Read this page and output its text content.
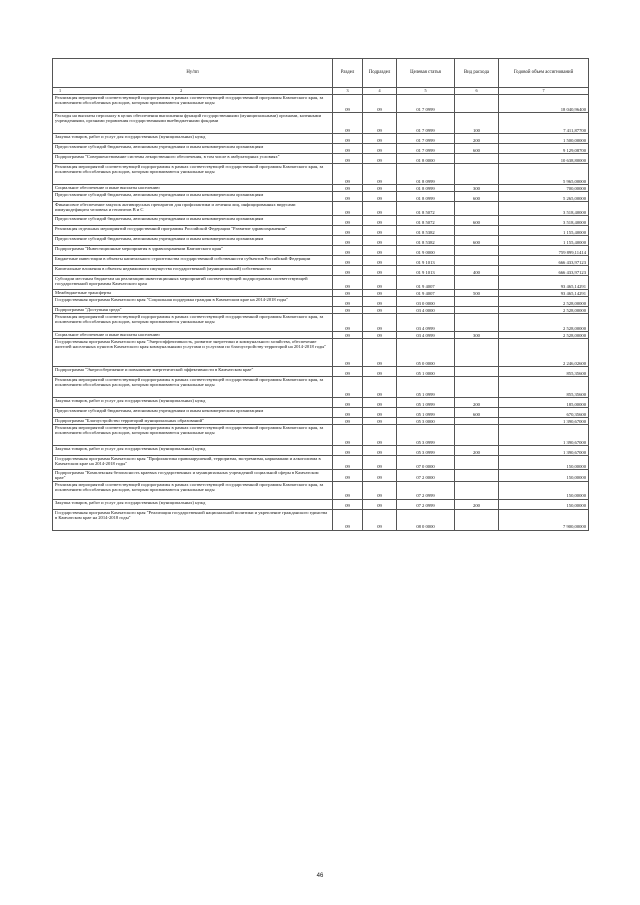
Ну/пп	Раздел	Подраздел	Целевая статья	Вид расхода	Годовой объем ассигнований
1 2	3	4	5	6	7
Реализация мероприятий соответствующей подпрограммы в рамках соответствующей государственной программы Камчатского края, за исключением обособленных расходов, которым присваиваются уникальные коды	09	09	01 7 0999		18 040,96400
Расходы на выплаты персоналу в целях обеспечения выполнения функций государственными (муниципальными) органами, казенными учреждениями, органами управления государственными внебюджетными фондами	09	09	01 7 0999	100	7 411,87700
Закупка товаров, работ и услуг для государственных (муниципальных) нужд	09	09	01 7 0999	200	1 500,00000
Предоставление субсидий бюджетным, автономным учреждениям и иным некоммерческим организациям	09	09	01 7 0999	600	9 129,08700
Подпрограмма "Совершенствование системы лекарственного обеспечения, в том числе в амбулаторных условиях"	09	09	01 8 0000		10 638,80000
Реализация мероприятий соответствующей подпрограммы в рамках соответствующей государственной программы Камчатского края, за исключением обособленных расходов, которым присваиваются уникальные коды	09	09	01 8 0999		5 965,00000
Социальное обеспечение и иные выплаты населению	09	09	01 8 0999	300	700,00000
Предоставление субсидий бюджетным, автономным учреждениям и иным некоммерческим организациям	09	09	01 8 0999	600	5 265,00000
Финансовое обеспечение закупок антивирусных препаратов для профилактики и лечения лиц, инфицированных вирусами иммунодефицита человека и гепатитов B и C	09	09	01 8 5072		3 518,40000
Предоставление субсидий бюджетным, автономным учреждениям и иным некоммерческим организациям	09	09	01 8 5072	600	3 518,40000
Реализация отдельных мероприятий государственной программы Российской Федерации "Развитие здравоохранения"	09	09	01 8 5382		1 155,40000
Предоставление субсидий бюджетным, автономным учреждениям и иным некоммерческим организациям	09	09	01 8 5382	600	1 155,40000
Подпрограмма "Инвестиционные мероприятия в здравоохранении Камчатского края"	09	09	01 9 0000		759 899,11414
Бюджетные инвестиции в объекты капитального строительства государственной собственности субъектов Российской Федерации	09	09	01 9 1013		666 433,97123
Капитальные вложения в объекты недвижимого имущества государственной (муниципальной) собственности	09	09	01 9 1013	400	666 433,97123
Субсидии местным бюджетам на реализацию инвестиционных мероприятий соответствующей подпрограммы соответствующей государственной программы Камчатского края	09	09	01 9 4007		93 465,14291
Межбюджетные трансферты	09	09	01 9 4007	500	93 465,14291
Государственная программа Камчатского края "Социальная поддержка граждан в Камчатском крае на 2014-2018 годы"	09	09	03 0 0000		2 528,00000
Подпрограмма "Доступная среда"	09	09	03 4 0000		2 528,00000
Реализация мероприятий соответствующей подпрограммы в рамках соответствующей государственной программы Камчатского края, за исключением обособленных расходов, которым присваиваются уникальные коды	09	09	03 4 0999		2 528,00000
Социальное обеспечение и иные выплаты населению	09	09	03 4 0999	300	2 528,00000
Государственная программа Камчатского края "Энергоэффективность, развитие энергетики и коммунального хозяйства, обеспечение жителей населенных пунктов Камчатского края коммунальными услугами и услугами по благоустройству территорий на 2014-2018 годы"	09	09	05 0 0000		2 246,02600
Подпрограмма "Энергосбережение и повышение энергетической эффективности в Камчатском крае"	09	09	05 1 0000		855,35600
Реализация мероприятий соответствующей подпрограммы в рамках соответствующей государственной программы Камчатского края, за исключением обособленных расходов, которым присваиваются уникальные коды	09	09	05 1 0999		855,35600
Закупка товаров, работ и услуг для государственных (муниципальных) нужд	09	09	05 1 0999	200	185,00000
Предоставление субсидий бюджетным, автономным учреждениям и иным некоммерческим организациям	09	09	05 1 0999	600	670,35600
Подпрограмма "Благоустройство территорий муниципальных образований"	09	09	05 3 0000		1 390,67000
Реализация мероприятий соответствующей подпрограммы в рамках соответствующей государственной программы Камчатского края, за исключением обособленных расходов, которым присваиваются уникальные коды	09	09	05 3 0999		1 390,67000
Закупка товаров, работ и услуг для государственных (муниципальных) нужд	09	09	05 3 0999	200	1 390,67000
Государственная программа Камчатского края "Профилактика правонарушений, терроризма, экстремизма, наркомании и алкоголизма в Камчатском крае на 2014-2018 годы"	09	09	07 0 0000		150,00000
Подпрограмма "Комплексная безопасность краевых государственных и муниципальных учреждений социальной сферы в Камчатском крае"	09	09	07 2 0000		150,00000
Реализация мероприятий соответствующей подпрограммы в рамках соответствующей государственной программы Камчатского края, за исключением обособленных расходов, которым присваиваются уникальные коды	09	09	07 2 0999		150,00000
Закупка товаров, работ и услуг для государственных (муниципальных) нужд	09	09	07 2 0999	200	150,00000
Государственная программа Камчатского края "Реализация государственной национальной политики и укрепление гражданского единства в Камчатском крае на 2014-2018 годы"	09	09	08 0 0000		7 900,00000
46
